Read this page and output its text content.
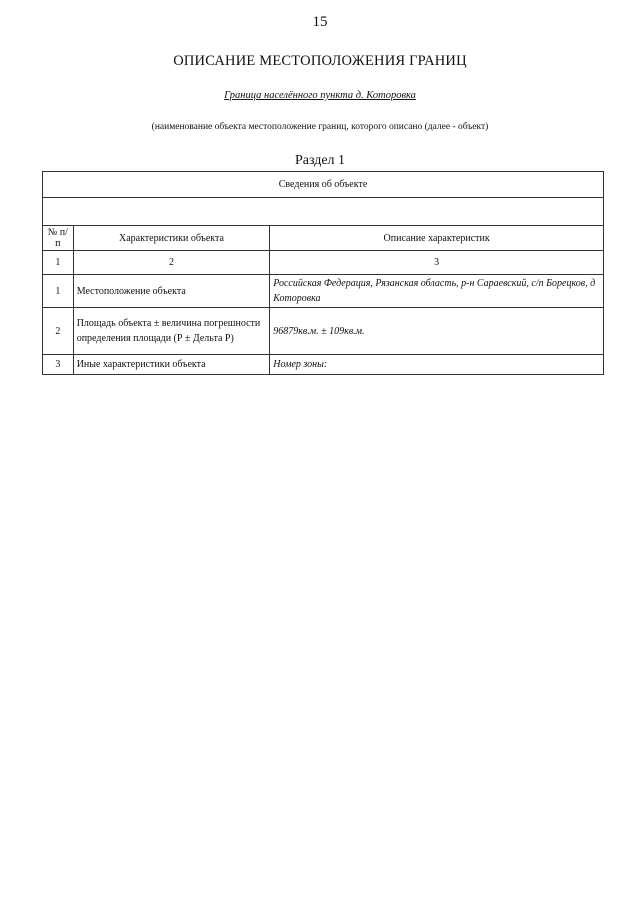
15
ОПИСАНИЕ МЕСТОПОЛОЖЕНИЯ ГРАНИЦ
Граница населённого пункта д. Которовка
(наименование объекта местоположение границ, которого описано (далее - объект)
Раздел 1
Сведения об объекте		

№ п/п	Характеристики объекта	Описание характеристик
1	2	3
1	Местоположение объекта	Российская Федерация, Рязанская область, р-н Сараевский, с/п Борецков, д Которовка
2	Площадь объекта ± величина погрешности определения площади (Р ± Дельта Р)	96879кв.м. ± 109кв.м.
3	Иные характеристики объекта	Номер зоны:
